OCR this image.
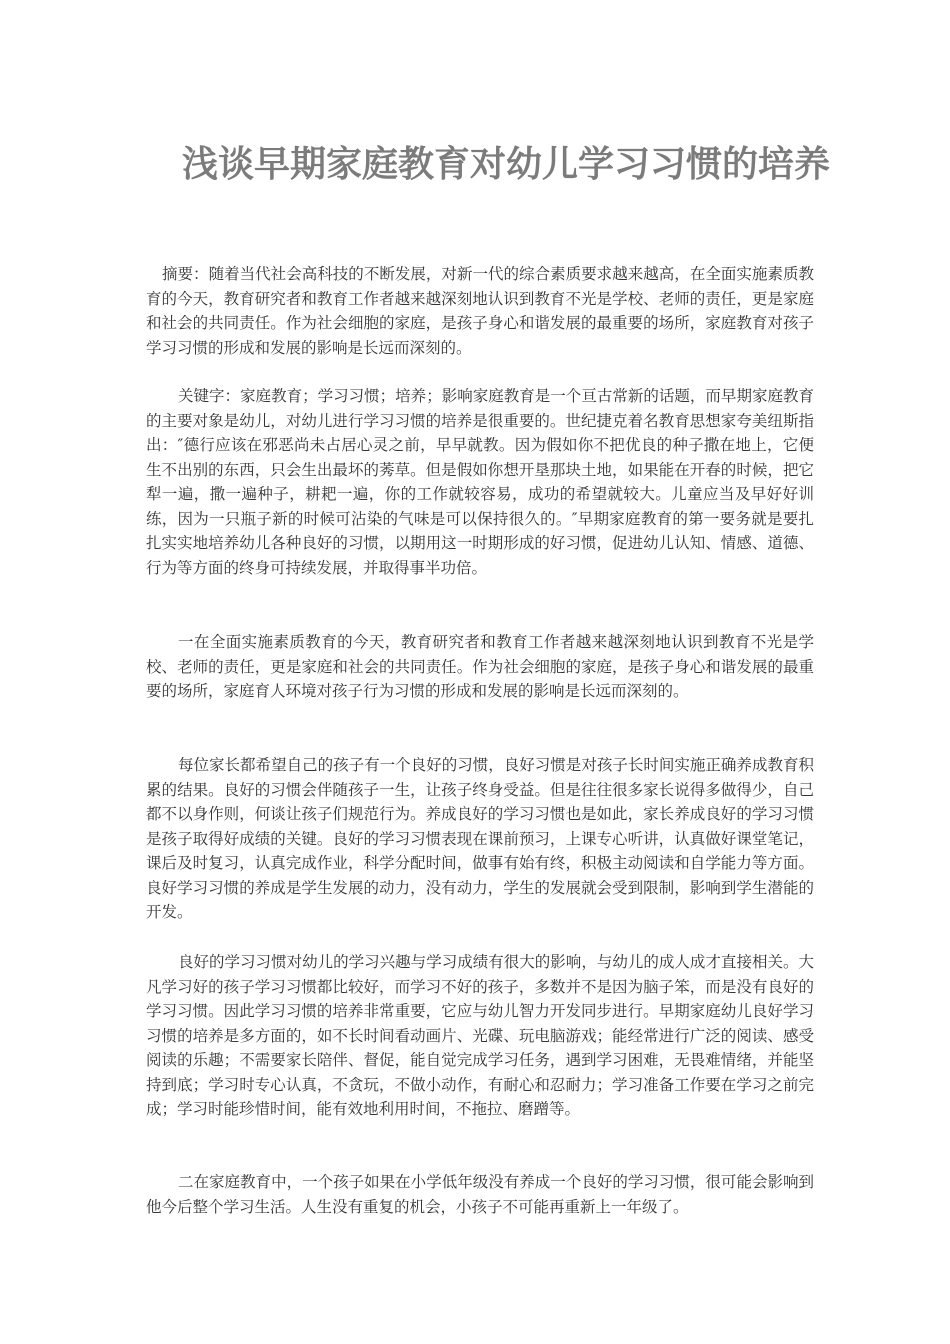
浅谈早期家庭教育对幼儿学习习惯的培养

摘要：随着当代社会高科技的不断发展，对新一代的综合素质要求越来越高，在全面实施素质教育的今天，教育研究者和教育工作者越来越深刻地认识到教育不光是学校、老师的责任，更是家庭和社会的共同责任。作为社会细胞的家庭，是孩子身心和谐发展的最重要的场所，家庭教育对孩子学习习惯的形成和发展的影响是长远而深刻的。

关键字：家庭教育；学习习惯；培养；影响家庭教育是一个亘古常新的话题，而早期家庭教育的主要对象是幼儿，对幼儿进行学习习惯的培养是很重要的。世纪捷克着名教育思想家夸美纽斯指出：″德行应该在邪恶尚未占居心灵之前，早早就教。因为假如你不把优良的种子撒在地上，它便生不出别的东西，只会生出最坏的莠草。但是假如你想开垦那块土地，如果能在开春的时候，把它犁一遍，撒一遍种子，耕耙一遍，你的工作就较容易，成功的希望就较大。儿童应当及早好好训练，因为一只瓶子新的时候可沾染的气味是可以保持很久的。″早期家庭教育的第一要务就是要扎扎实实地培养幼儿各种良好的习惯，以期用这一时期形成的好习惯，促进幼儿认知、情感、道德、行为等方面的终身可持续发展，并取得事半功倍。

一在全面实施素质教育的今天，教育研究者和教育工作者越来越深刻地认识到教育不光是学校、老师的责任，更是家庭和社会的共同责任。作为社会细胞的家庭，是孩子身心和谐发展的最重要的场所，家庭育人环境对孩子行为习惯的形成和发展的影响是长远而深刻的。

每位家长都希望自己的孩子有一个良好的习惯，良好习惯是对孩子长时间实施正确养成教育积累的结果。良好的习惯会伴随孩子一生，让孩子终身受益。但是往往很多家长说得多做得少，自己都不以身作则，何谈让孩子们规范行为。养成良好的学习习惯也是如此，家长养成良好的学习习惯是孩子取得好成绩的关键。良好的学习习惯表现在课前预习，上课专心听讲，认真做好课堂笔记，课后及时复习，认真完成作业，科学分配时间，做事有始有终，积极主动阅读和自学能力等方面。良好学习习惯的养成是学生发展的动力，没有动力，学生的发展就会受到限制，影响到学生潜能的开发。

良好的学习习惯对幼儿的学习兴趣与学习成绩有很大的影响，与幼儿的成人成才直接相关。大凡学习好的孩子学习习惯都比较好，而学习不好的孩子，多数并不是因为脑子笨，而是没有良好的学习习惯。因此学习习惯的培养非常重要，它应与幼儿智力开发同步进行。早期家庭幼儿良好学习习惯的培养是多方面的，如不长时间看动画片、光碟、玩电脑游戏；能经常进行广泛的阅读、感受阅读的乐趣；不需要家长陪伴、督促，能自觉完成学习任务，遇到学习困难，无畏难情绪，并能坚持到底；学习时专心认真，不贪玩，不做小动作，有耐心和忍耐力；学习准备工作要在学习之前完成；学习时能珍惜时间，能有效地利用时间，不拖拉、磨蹭等。

二在家庭教育中，一个孩子如果在小学低年级没有养成一个良好的学习习惯，很可能会影响到他今后整个学习生活。人生没有重复的机会，小孩子不可能再重新上一年级了。
